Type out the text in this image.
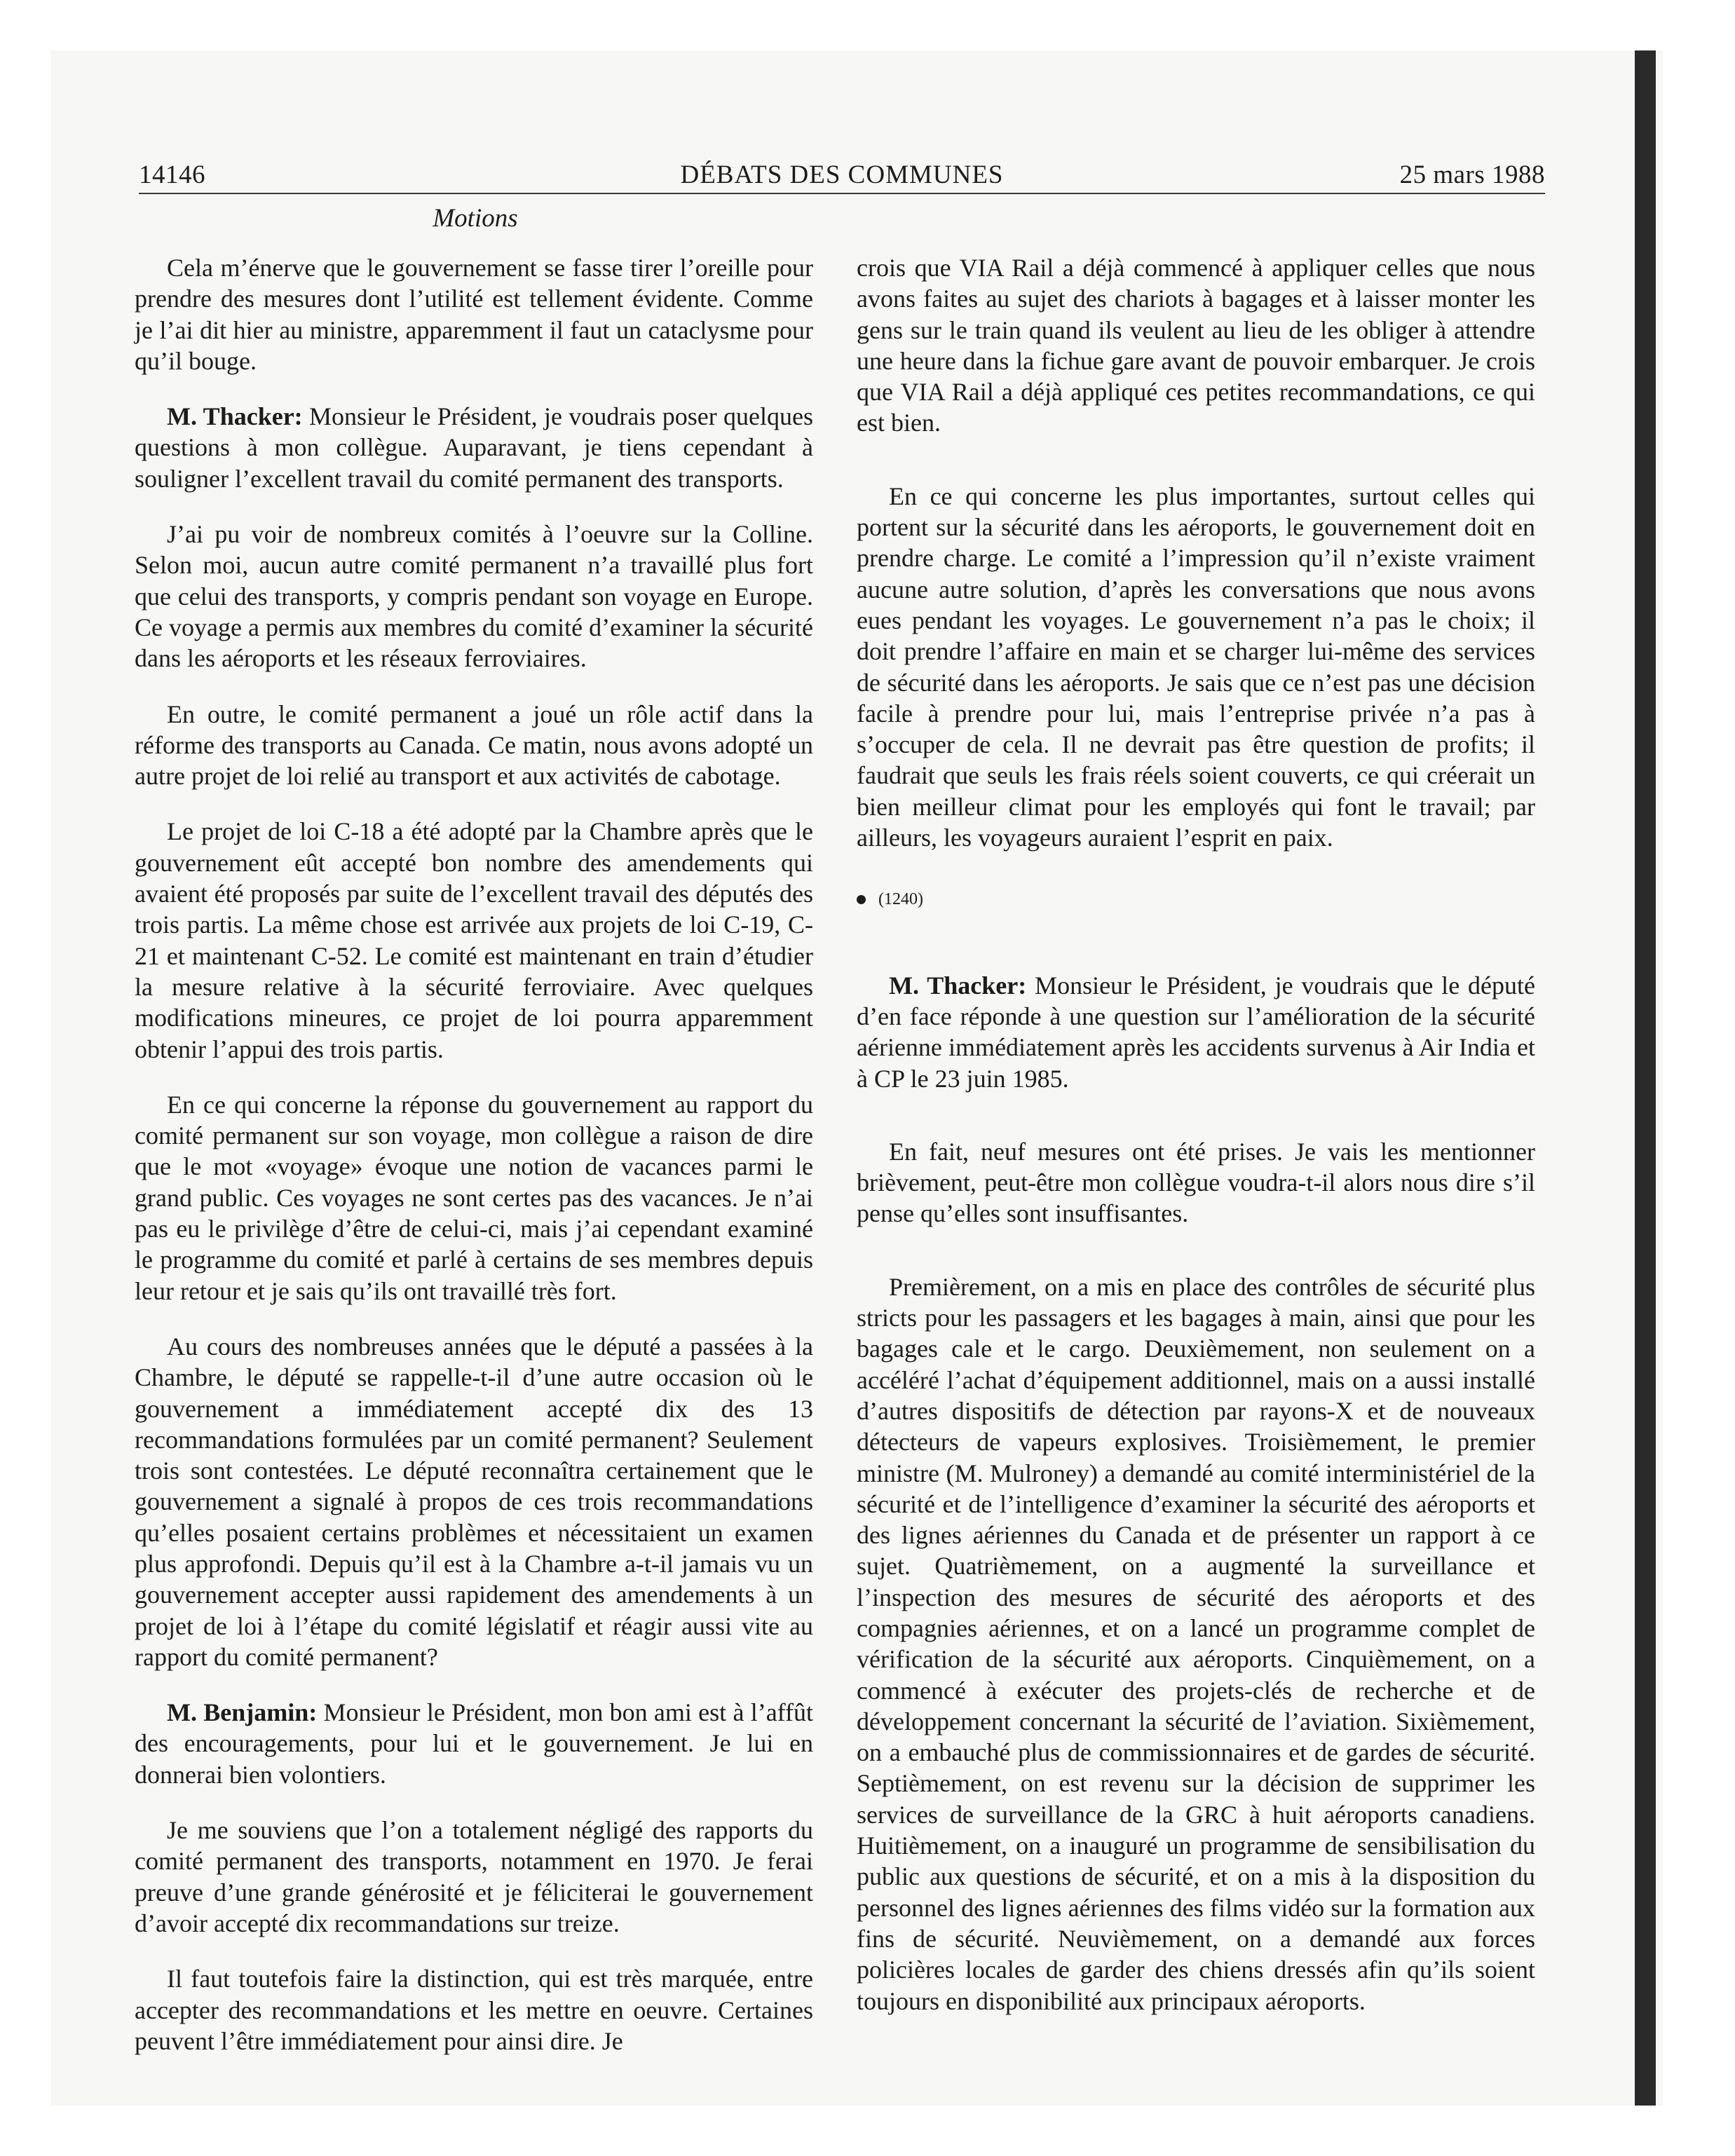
14146	DÉBATS DES COMMUNES	25 mars 1988
Motions

Cela m’énerve que le gouvernement se fasse tirer l’oreille pour prendre des mesures dont l’utilité est tellement évidente. Comme je l’ai dit hier au ministre, apparemment il faut un cataclysme pour qu’il bouge.

M. Thacker: Monsieur le Président, je voudrais poser quelques questions à mon collègue. Auparavant, je tiens cependant à souligner l’excellent travail du comité permanent des transports.

J’ai pu voir de nombreux comités à l’oeuvre sur la Colline. Selon moi, aucun autre comité permanent n’a travaillé plus fort que celui des transports, y compris pendant son voyage en Europe. Ce voyage a permis aux membres du comité d’examiner la sécurité dans les aéroports et les réseaux ferroviaires.

En outre, le comité permanent a joué un rôle actif dans la réforme des transports au Canada. Ce matin, nous avons adopté un autre projet de loi relié au transport et aux activités de cabotage.

Le projet de loi C-18 a été adopté par la Chambre après que le gouvernement eût accepté bon nombre des amendements qui avaient été proposés par suite de l’excellent travail des députés des trois partis. La même chose est arrivée aux projets de loi C-19, C-21 et maintenant C-52. Le comité est maintenant en train d’étudier la mesure relative à la sécurité ferroviaire. Avec quelques modifications mineures, ce projet de loi pourra apparemment obtenir l’appui des trois partis.

En ce qui concerne la réponse du gouvernement au rapport du comité permanent sur son voyage, mon collègue a raison de dire que le mot «voyage» évoque une notion de vacances parmi le grand public. Ces voyages ne sont certes pas des vacances. Je n’ai pas eu le privilège d’être de celui-ci, mais j’ai cependant examiné le programme du comité et parlé à certains de ses membres depuis leur retour et je sais qu’ils ont travaillé très fort.

Au cours des nombreuses années que le député a passées à la Chambre, le député se rappelle-t-il d’une autre occasion où le gouvernement a immédiatement accepté dix des 13 recommandations formulées par un comité permanent? Seulement trois sont contestées. Le député reconnaîtra certainement que le gouvernement a signalé à propos de ces trois recommandations qu’elles posaient certains problèmes et nécessitaient un examen plus approfondi. Depuis qu’il est à la Chambre a-t-il jamais vu un gouvernement accepter aussi rapidement des amendements à un projet de loi à l’étape du comité législatif et réagir aussi vite au rapport du comité permanent?

M. Benjamin: Monsieur le Président, mon bon ami est à l’affût des encouragements, pour lui et le gouvernement. Je lui en donnerai bien volontiers.

Je me souviens que l’on a totalement négligé des rapports du comité permanent des transports, notamment en 1970. Je ferai preuve d’une grande générosité et je féliciterai le gouvernement d’avoir accepté dix recommandations sur treize.

Il faut toutefois faire la distinction, qui est très marquée, entre accepter des recommandations et les mettre en oeuvre. Certaines peuvent l’être immédiatement pour ainsi dire. Je

crois que VIA Rail a déjà commencé à appliquer celles que nous avons faites au sujet des chariots à bagages et à laisser monter les gens sur le train quand ils veulent au lieu de les obliger à attendre une heure dans la fichue gare avant de pouvoir embarquer. Je crois que VIA Rail a déjà appliqué ces petites recommandations, ce qui est bien.

En ce qui concerne les plus importantes, surtout celles qui portent sur la sécurité dans les aéroports, le gouvernement doit en prendre charge. Le comité a l’impression qu’il n’existe vraiment aucune autre solution, d’après les conversations que nous avons eues pendant les voyages. Le gouvernement n’a pas le choix; il doit prendre l’affaire en main et se charger lui-même des services de sécurité dans les aéroports. Je sais que ce n’est pas une décision facile à prendre pour lui, mais l’entreprise privée n’a pas à s’occuper de cela. Il ne devrait pas être question de profits; il faudrait que seuls les frais réels soient couverts, ce qui créerait un bien meilleur climat pour les employés qui font le travail; par ailleurs, les voyageurs auraient l’esprit en paix.

(1240)

M. Thacker: Monsieur le Président, je voudrais que le député d’en face réponde à une question sur l’amélioration de la sécurité aérienne immédiatement après les accidents survenus à Air India et à CP le 23 juin 1985.

En fait, neuf mesures ont été prises. Je vais les mentionner brièvement, peut-être mon collègue voudra-t-il alors nous dire s’il pense qu’elles sont insuffisantes.

Premièrement, on a mis en place des contrôles de sécurité plus stricts pour les passagers et les bagages à main, ainsi que pour les bagages cale et le cargo. Deuxièmement, non seulement on a accéléré l’achat d’équipement additionnel, mais on a aussi installé d’autres dispositifs de détection par rayons-X et de nouveaux détecteurs de vapeurs explosives. Troisièmement, le premier ministre (M. Mulroney) a demandé au comité interministériel de la sécurité et de l’intelligence d’examiner la sécurité des aéroports et des lignes aériennes du Canada et de présenter un rapport à ce sujet. Quatrièmement, on a augmenté la surveillance et l’inspection des mesures de sécurité des aéroports et des compagnies aériennes, et on a lancé un programme complet de vérification de la sécurité aux aéroports. Cinquièmement, on a commencé à exécuter des projets-clés de recherche et de développement concernant la sécurité de l’aviation. Sixièmement, on a embauché plus de commissionnaires et de gardes de sécurité. Septièmement, on est revenu sur la décision de supprimer les services de surveillance de la GRC à huit aéroports canadiens. Huitièmement, on a inauguré un programme de sensibilisation du public aux questions de sécurité, et on a mis à la disposition du personnel des lignes aériennes des films vidéo sur la formation aux fins de sécurité. Neuvièmement, on a demandé aux forces policières locales de garder des chiens dressés afin qu’ils soient toujours en disponibilité aux principaux aéroports.
